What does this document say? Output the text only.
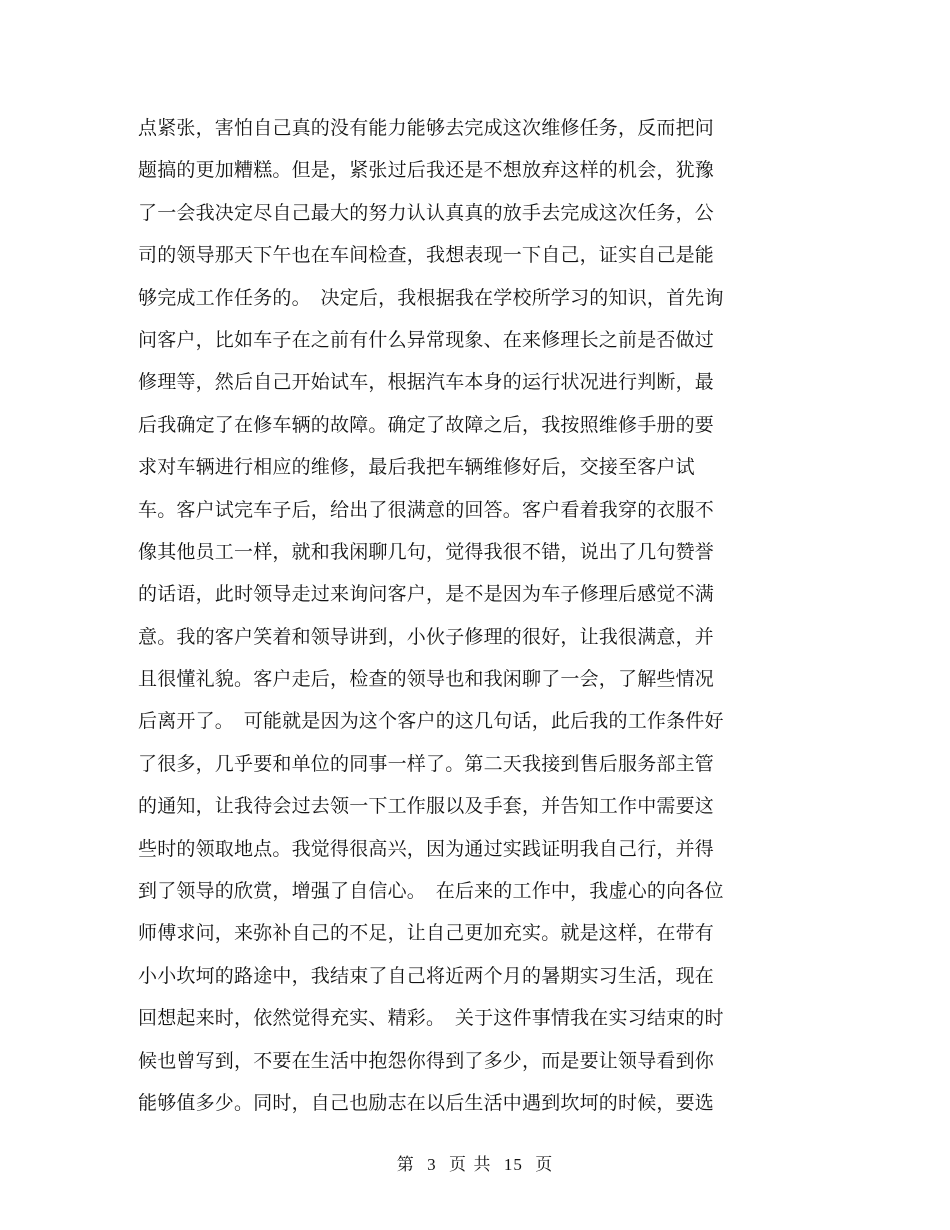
点紧张，害怕自己真的没有能力能够去完成这次维修任务，反而把问
题搞的更加糟糕。但是，紧张过后我还是不想放弃这样的机会，犹豫
了一会我决定尽自己最大的努力认认真真的放手去完成这次任务，公
司的领导那天下午也在车间检查，我想表现一下自己，证实自己是能
够完成工作任务的。　决定后，我根据我在学校所学习的知识，首先询
问客户，比如车子在之前有什么异常现象、在来修理长之前是否做过
修理等，然后自己开始试车，根据汽车本身的运行状况进行判断，最
后我确定了在修车辆的故障。确定了故障之后，我按照维修手册的要
求对车辆进行相应的维修，最后我把车辆维修好后，交接至客户试
车。客户试完车子后，给出了很满意的回答。客户看着我穿的衣服不
像其他员工一样，就和我闲聊几句，觉得我很不错，说出了几句赞誉
的话语，此时领导走过来询问客户，是不是因为车子修理后感觉不满
意。我的客户笑着和领导讲到，小伙子修理的很好，让我很满意，并
且很懂礼貌。客户走后，检查的领导也和我闲聊了一会，了解些情况
后离开了。　可能就是因为这个客户的这几句话，此后我的工作条件好
了很多，几乎要和单位的同事一样了。第二天我接到售后服务部主管
的通知，让我待会过去领一下工作服以及手套，并告知工作中需要这
些时的领取地点。我觉得很高兴，因为通过实践证明我自己行，并得
到了领导的欣赏，增强了自信心。　在后来的工作中，我虚心的向各位
师傅求问，来弥补自己的不足，让自己更加充实。就是这样，在带有
小小坎坷的路途中，我结束了自己将近两个月的暑期实习生活，现在
回想起来时，依然觉得充实、精彩。　关于这件事情我在实习结束的时
候也曾写到，不要在生活中抱怨你得到了多少，而是要让领导看到你
能够值多少。同时，自己也励志在以后生活中遇到坎坷的时候，要选
第 3 页 共 15 页
